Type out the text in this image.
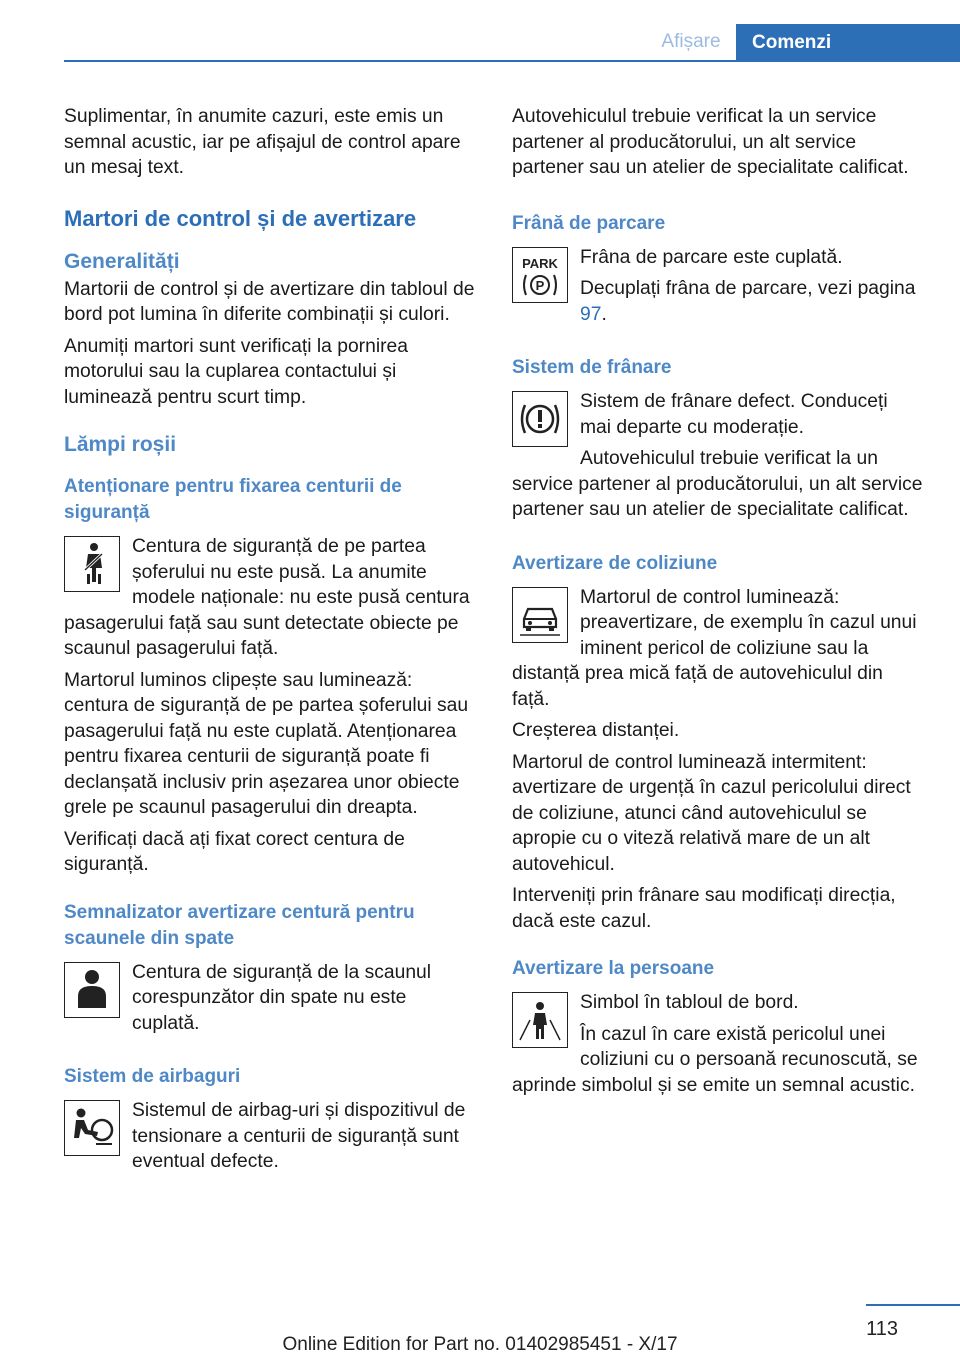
Afișare	Comenzi

Suplimentar, în anumite cazuri, este emis un semnal acustic, iar pe afișajul de control apare un mesaj text.

Martori de control și de avertizare
Generalități

Martorii de control și de avertizare din tabloul de bord pot lumina în diferite combinații și culori.

Anumiți martori sunt verificați la pornirea motorului sau la cuplarea contactului și luminează pentru scurt timp.

Lămpi roșii
Atenționare pentru fixarea centurii de siguranță

Centura de siguranță de pe partea șoferului nu este pusă. La anumite modele naționale: nu este pusă centura pasagerului față sau sunt detectate obiecte pe scaunul pasagerului față.

Martorul luminos clipește sau luminează: centura de siguranță de pe partea șoferului sau pasagerului față nu este cuplată. Atenționarea pentru fixarea centurii de siguranță poate fi declanșată inclusiv prin așezarea unor obiecte grele pe scaunul pasagerului din dreapta.

Verificați dacă ați fixat corect centura de siguranță.

Semnalizator avertizare centură pentru scaunele din spate

Centura de siguranță de la scaunul corespunzător din spate nu este cuplată.

Sistem de airbaguri

Sistemul de airbag-uri și dispozitivul de tensionare a centurii de siguranță sunt eventual defecte.

Autovehiculul trebuie verificat la un service partener al producătorului, un alt service partener sau un atelier de specialitate calificat.

Frână de parcare
PARK
P

Frâna de parcare este cuplată.

Decuplați frâna de parcare, vezi pagina 97.

Sistem de frânare

Sistem de frânare defect. Conduceți mai departe cu moderație.

Autovehiculul trebuie verificat la un service partener al producătorului, un alt service partener sau un atelier de specialitate calificat.

Avertizare de coliziune

Martorul de control luminează: preavertizare, de exemplu în cazul unui iminent pericol de coliziune sau la distanță prea mică față de autovehiculul din față.

Creșterea distanței.

Martorul de control luminează intermitent: avertizare de urgență în cazul pericolului direct de coliziune, atunci când autovehiculul se apropie cu o viteză relativă mare de un alt autovehicul.

Interveniți prin frânare sau modificați direcția, dacă este cazul.

Avertizare la persoane

Simbol în tabloul de bord.

În cazul în care există pericolul unei coliziuni cu o persoană recunoscută, se aprinde simbolul și se emite un semnal acustic.

113
Online Edition for Part no. 01402985451 - X/17
